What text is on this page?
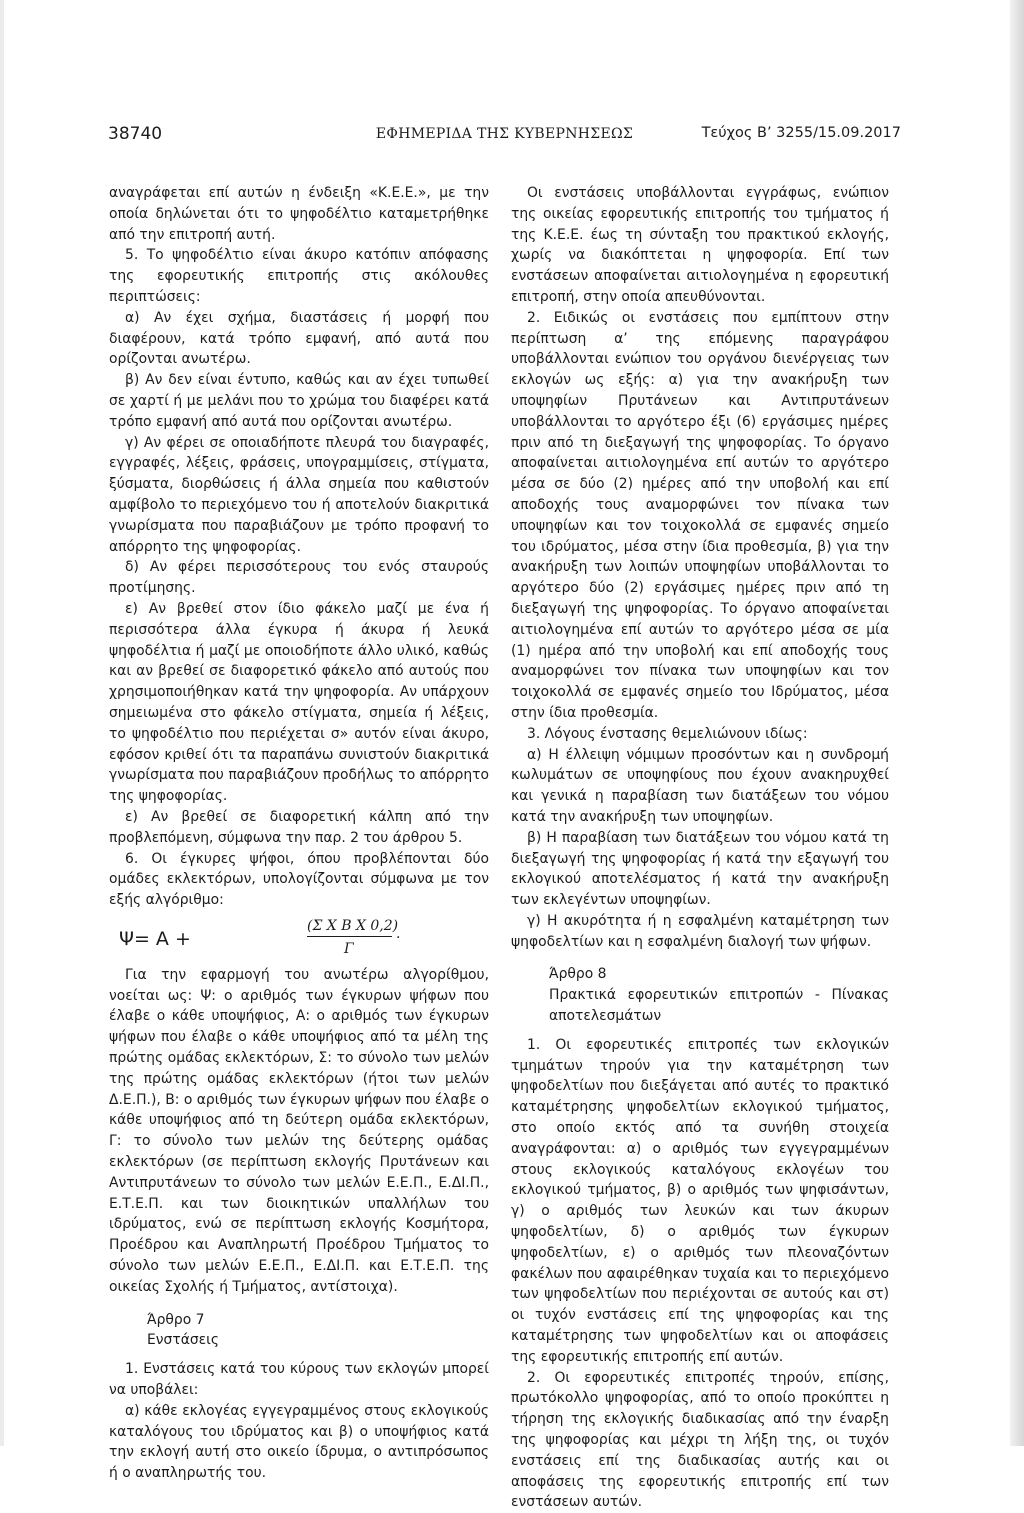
38740	ΕΦΗΜΕΡΙΔΑ ΤΗΣ ΚΥΒΕΡΝΗΣΕΩΣ	Τεύχος Β’ 3255/15.09.2017

αναγράφεται επί αυτών η ένδειξη «Κ.Ε.Ε.», με την οποία δηλώνεται ότι το ψηφοδέλτιο καταμετρήθηκε από την επιτροπή αυτή.

5. Το ψηφοδέλτιο είναι άκυρο κατόπιν απόφασης της εφορευτικής επιτροπής στις ακόλουθες περιπτώσεις:

α) Αν έχει σχήμα, διαστάσεις ή μορφή που διαφέρουν, κατά τρόπο εμφανή, από αυτά που ορίζονται ανωτέρω.

β) Αν δεν είναι έντυπο, καθώς και αν έχει τυπωθεί σε χαρτί ή με μελάνι που το χρώμα του διαφέρει κατά τρόπο εμφανή από αυτά που ορίζονται ανωτέρω.

γ) Αν φέρει σε οποιαδήποτε πλευρά του διαγραφές, εγγραφές, λέξεις, φράσεις, υπογραμμίσεις, στίγματα, ξύσματα, διορθώσεις ή άλλα σημεία που καθιστούν αμφίβολο το περιεχόμενο του ή αποτελούν διακριτικά γνωρίσματα που παραβιάζουν με τρόπο προφανή το απόρρητο της ψηφοφορίας.

δ) Αν φέρει περισσότερους του ενός σταυρούς προτίμησης.

ε) Αν βρεθεί στον ίδιο φάκελο μαζί με ένα ή περισσότερα άλλα έγκυρα ή άκυρα ή λευκά ψηφοδέλτια ή μαζί με οποιοδήποτε άλλο υλικό, καθώς και αν βρεθεί σε διαφορετικό φάκελο από αυτούς που χρησιμοποιήθηκαν κατά την ψηφοφορία. Αν υπάρχουν σημειωμένα στο φάκελο στίγματα, σημεία ή λέξεις, το ψηφοδέλτιο που περιέχεται σ» αυτόν είναι άκυρο, εφόσον κριθεί ότι τα παραπάνω συνιστούν διακριτικά γνωρίσματα που παραβιάζουν προδήλως το απόρρητο της ψηφοφορίας.

ε) Αν βρεθεί σε διαφορετική κάλπη από την προβλεπόμενη, σύμφωνα την παρ. 2 του άρθρου 5.

6. Οι έγκυρες ψήφοι, όπου προβλέπονται δύο ομάδες εκλεκτόρων, υπολογίζονται σύμφωνα με τον εξής αλγόριθμο:

Ψ= A +
(Σ X B X 0,2)
Γ
.

Για την εφαρμογή του ανωτέρω αλγορίθμου, νοείται ως: Ψ: ο αριθμός των έγκυρων ψήφων που έλαβε ο κάθε υποψήφιος, Α: ο αριθμός των έγκυρων ψήφων που έλαβε ο κάθε υποψήφιος από τα μέλη της πρώτης ομάδας εκλεκτόρων, Σ: το σύνολο των μελών της πρώτης ομάδας εκλεκτόρων (ήτοι των μελών Δ.Ε.Π.), Β: ο αριθμός των έγκυρων ψήφων που έλαβε ο κάθε υποψήφιος από τη δεύτερη ομάδα εκλεκτόρων, Γ: το σύνολο των μελών της δεύτερης ομάδας εκλεκτόρων (σε περίπτωση εκλογής Πρυτάνεων και Αντιπρυτάνεων το σύνολο των μελών Ε.Ε.Π., Ε.ΔΙ.Π., Ε.Τ.Ε.Π. και των διοικητικών υπαλλήλων του ιδρύματος, ενώ σε περίπτωση εκλογής Κοσμήτορα, Προέδρου και Αναπληρωτή Προέδρου Τμήματος το σύνολο των μελών Ε.Ε.Π., Ε.ΔΙ.Π. και Ε.Τ.Ε.Π. της οικείας Σχολής ή Τμήματος, αντίστοιχα).

Άρθρο 7

Ενστάσεις

1. Ενστάσεις κατά του κύρους των εκλογών μπορεί να υποβάλει:

α) κάθε εκλογέας εγγεγραμμένος στους εκλογικούς καταλόγους του ιδρύματος και β) ο υποψήφιος κατά την εκλογή αυτή στο οικείο ίδρυμα, ο αντιπρόσωπος ή ο αναπληρωτής του.

Οι ενστάσεις υποβάλλονται εγγράφως, ενώπιον της οικείας εφορευτικής επιτροπής του τμήματος ή της Κ.Ε.Ε. έως τη σύνταξη του πρακτικού εκλογής, χωρίς να διακόπτεται η ψηφοφορία. Επί των ενστάσεων αποφαίνεται αιτιολογημένα η εφορευτική επιτροπή, στην οποία απευθύνονται.

2. Ειδικώς οι ενστάσεις που εμπίπτουν στην περίπτωση α’ της επόμενης παραγράφου υποβάλλονται ενώπιον του οργάνου διενέργειας των εκλογών ως εξής: α) για την ανακήρυξη των υποψηφίων Πρυτάνεων και Αντιπρυτάνεων υποβάλλονται το αργότερο έξι (6) εργάσιμες ημέρες πριν από τη διεξαγωγή της ψηφοφορίας. Το όργανο αποφαίνεται αιτιολογημένα επί αυτών το αργότερο μέσα σε δύο (2) ημέρες από την υποβολή και επί αποδοχής τους αναμορφώνει τον πίνακα των υποψηφίων και τον τοιχοκολλά σε εμφανές σημείο του ιδρύματος, μέσα στην ίδια προθεσμία, β) για την ανακήρυξη των λοιπών υποψηφίων υποβάλλονται το αργότερο δύο (2) εργάσιμες ημέρες πριν από τη διεξαγωγή της ψηφοφορίας. Το όργανο αποφαίνεται αιτιολογημένα επί αυτών το αργότερο μέσα σε μία (1) ημέρα από την υποβολή και επί αποδοχής τους αναμορφώνει τον πίνακα των υποψηφίων και τον τοιχοκολλά σε εμφανές σημείο του Ιδρύματος, μέσα στην ίδια προθεσμία.

3. Λόγους ένστασης θεμελιώνουν ιδίως:

α) Η έλλειψη νόμιμων προσόντων και η συνδρομή κωλυμάτων σε υποψηφίους που έχουν ανακηρυχθεί και γενικά η παραβίαση των διατάξεων του νόμου κατά την ανακήρυξη των υποψηφίων.

β) Η παραβίαση των διατάξεων του νόμου κατά τη διεξαγωγή της ψηφοφορίας ή κατά την εξαγωγή του εκλογικού αποτελέσματος ή κατά την ανακήρυξη των εκλεγέντων υποψηφίων.

γ) Η ακυρότητα ή η εσφαλμένη καταμέτρηση των ψηφοδελτίων και η εσφαλμένη διαλογή των ψήφων.

Άρθρο 8

Πρακτικά εφορευτικών επιτροπών - Πίνακας αποτελεσμάτων

1. Οι εφορευτικές επιτροπές των εκλογικών τμημάτων τηρούν για την καταμέτρηση των ψηφοδελτίων που διεξάγεται από αυτές το πρακτικό καταμέτρησης ψηφοδελτίων εκλογικού τμήματος, στο οποίο εκτός από τα συνήθη στοιχεία αναγράφονται: α) ο αριθμός των εγγεγραμμένων στους εκλογικούς καταλόγους εκλογέων του εκλογικού τμήματος, β) ο αριθμός των ψηφισάντων, γ) ο αριθμός των λευκών και των άκυρων ψηφοδελτίων, δ) ο αριθμός των έγκυρων ψηφοδελτίων, ε) ο αριθμός των πλεοναζόντων φακέλων που αφαιρέθηκαν τυχαία και το περιεχόμενο των ψηφοδελτίων που περιέχονται σε αυτούς και στ) οι τυχόν ενστάσεις επί της ψηφοφορίας και της καταμέτρησης των ψηφοδελτίων και οι αποφάσεις της εφορευτικής επιτροπής επί αυτών.

2. Οι εφορευτικές επιτροπές τηρούν, επίσης, πρωτόκολλο ψηφοφορίας, από το οποίο προκύπτει η τήρηση της εκλογικής διαδικασίας από την έναρξη της ψηφοφορίας και μέχρι τη λήξη της, οι τυχόν ενστάσεις επί της διαδικασίας αυτής και οι αποφάσεις της εφορευτικής επιτροπής επί των ενστάσεων αυτών.
